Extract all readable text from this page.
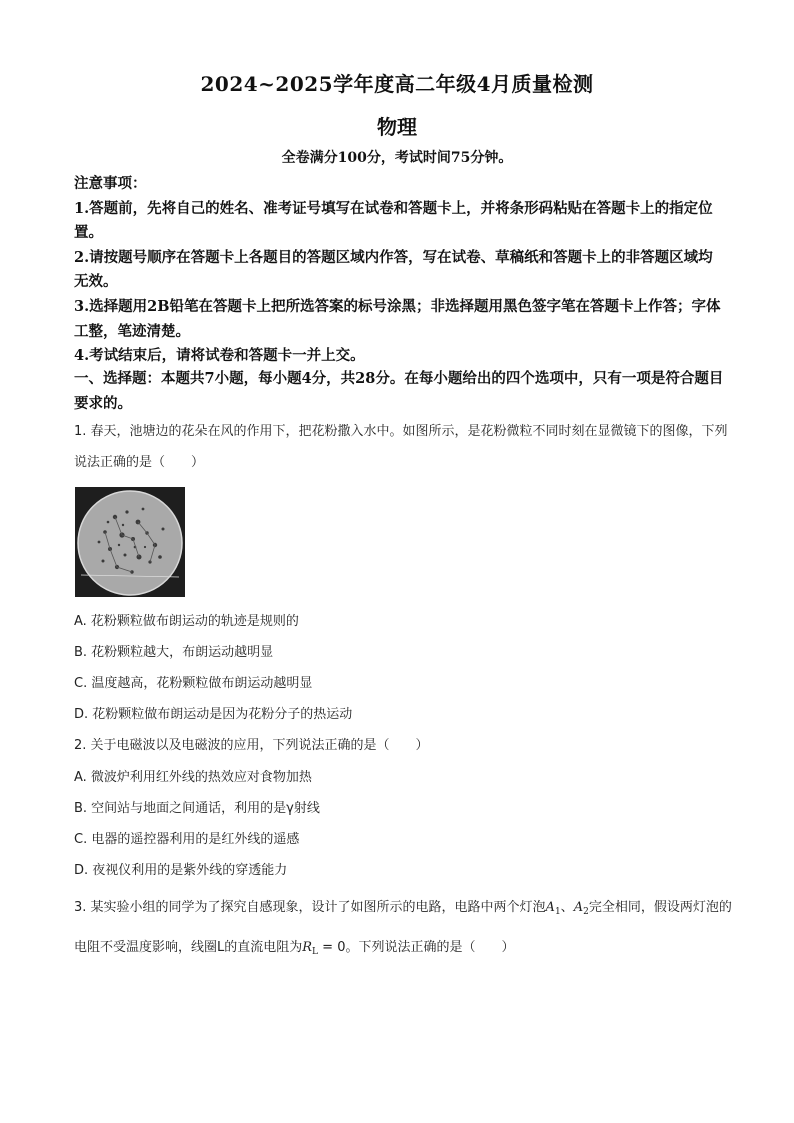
2024~2025学年度高二年级4月质量检测
物理
全卷满分100分，考试时间75分钟。

注意事项：

1.答题前，先将自己的姓名、准考证号填写在试卷和答题卡上，并将条形码粘贴在答题卡上的指定位置。

2.请按题号顺序在答题卡上各题目的答题区域内作答，写在试卷、草稿纸和答题卡上的非答题区域均无效。

3.选择题用2B铅笔在答题卡上把所选答案的标号涂黑；非选择题用黑色签字笔在答题卡上作答；字体工整，笔迹清楚。

4.考试结束后，请将试卷和答题卡一并上交。

一、选择题：本题共7小题，每小题4分，共28分。在每小题给出的四个选项中，只有一项是符合题目要求的。
1. 春天，池塘边的花朵在风的作用下，把花粉撒入水中。如图所示，是花粉微粒不同时刻在显微镜下的图像，下列说法正确的是（　　）
A. 花粉颗粒做布朗运动的轨迹是规则的
B. 花粉颗粒越大，布朗运动越明显
C. 温度越高，花粉颗粒做布朗运动越明显
D. 花粉颗粒做布朗运动是因为花粉分子的热运动
2. 关于电磁波以及电磁波的应用，下列说法正确的是（　　）
A. 微波炉利用红外线的热效应对食物加热
B. 空间站与地面之间通话，利用的是γ射线
C. 电器的遥控器利用的是红外线的遥感
D. 夜视仪利用的是紫外线的穿透能力
3. 某实验小组的同学为了探究自感现象，设计了如图所示的电路，电路中两个灯泡$A_1$、$A_2$完全相同，假设两灯泡的电阻不受温度影响，线圈L的直流电阻为$R_L = 0$。下列说法正确的是（　　）
